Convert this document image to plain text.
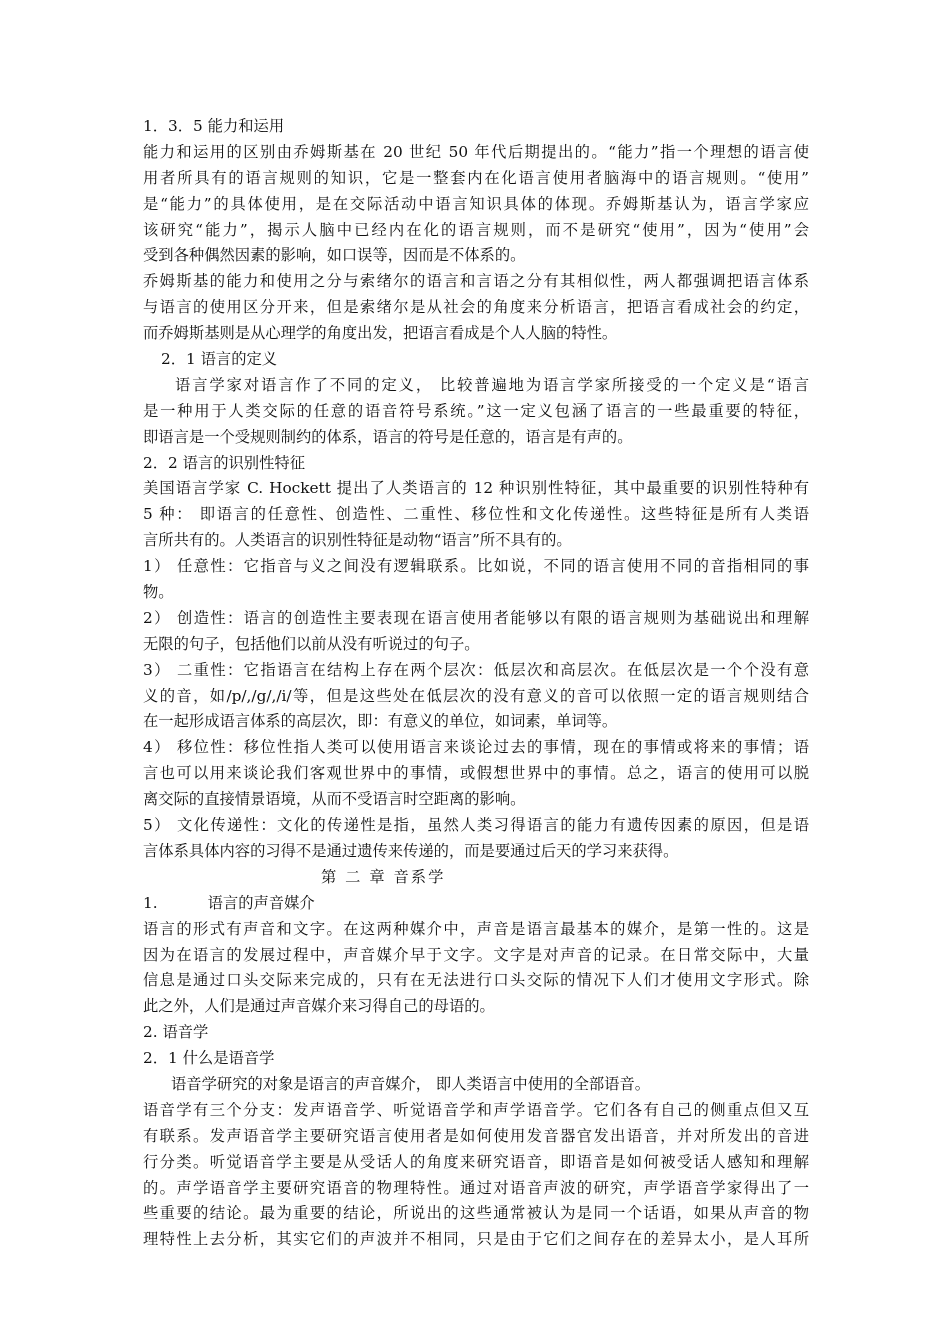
1．3．5 能力和运用
能力和运用的区别由乔姆斯基在 20 世纪 50 年代后期提出的。“能力”指一个理想的语言使
用者所具有的语言规则的知识，它是一整套内在化语言使用者脑海中的语言规则。“使用”
是“能力”的具体使用，是在交际活动中语言知识具体的体现。乔姆斯基认为，语言学家应
该研究“能力”，揭示人脑中已经内在化的语言规则，而不是研究“使用”，因为“使用”会
受到各种偶然因素的影响，如口误等，因而是不体系的。
乔姆斯基的能力和使用之分与索绪尔的语言和言语之分有其相似性，两人都强调把语言体系
与语言的使用区分开来，但是索绪尔是从社会的角度来分析语言，把语言看成社会的约定，
而乔姆斯基则是从心理学的角度出发，把语言看成是个人人脑的特性。
2．1 语言的定义
语言学家对语言作了不同的定义， 比较普遍地为语言学家所接受的一个定义是“语言
是一种用于人类交际的任意的语音符号系统。”这一定义包涵了语言的一些最重要的特征，
即语言是一个受规则制约的体系，语言的符号是任意的，语言是有声的。
2．2 语言的识别性特征
美国语言学家 C. Hockett 提出了人类语言的 12 种识别性特征，其中最重要的识别性特种有
5 种： 即语言的任意性、创造性、二重性、移位性和文化传递性。这些特征是所有人类语
言所共有的。人类语言的识别性特征是动物“语言”所不具有的。
1） 任意性：它指音与义之间没有逻辑联系。比如说，不同的语言使用不同的音指相同的事
物。
2） 创造性：语言的创造性主要表现在语言使用者能够以有限的语言规则为基础说出和理解
无限的句子，包括他们以前从没有听说过的句子。
3） 二重性：它指语言在结构上存在两个层次：低层次和高层次。在低层次是一个个没有意
义的音，如/p/,/g/,/i/等，但是这些处在低层次的没有意义的音可以依照一定的语言规则结合
在一起形成语言体系的高层次，即：有意义的单位，如词素，单词等。
4） 移位性：移位性指人类可以使用语言来谈论过去的事情，现在的事情或将来的事情；语
言也可以用来谈论我们客观世界中的事情，或假想世界中的事情。总之，语言的使用可以脱
离交际的直接情景语境，从而不受语言时空距离的影响。
5） 文化传递性：文化的传递性是指，虽然人类习得语言的能力有遗传因素的原因，但是语
言体系具体内容的习得不是通过遗传来传递的，而是要通过后天的学习来获得。
第 二 章 音系学
1.	语言的声音媒介
语言的形式有声音和文字。在这两种媒介中，声音是语言最基本的媒介，是第一性的。这是
因为在语言的发展过程中，声音媒介早于文字。文字是对声音的记录。在日常交际中，大量
信息是通过口头交际来完成的，只有在无法进行口头交际的情况下人们才使用文字形式。除
此之外，人们是通过声音媒介来习得自己的母语的。
2. 语音学
2．1 什么是语音学
语音学研究的对象是语言的声音媒介， 即人类语言中使用的全部语音。
语音学有三个分支：发声语音学、听觉语音学和声学语音学。它们各有自己的侧重点但又互
有联系。发声语音学主要研究语言使用者是如何使用发音器官发出语音，并对所发出的音进
行分类。听觉语音学主要是从受话人的角度来研究语音，即语音是如何被受话人感知和理解
的。声学语音学主要研究语音的物理特性。通过对语音声波的研究，声学语音学家得出了一
些重要的结论。最为重要的结论，所说出的这些通常被认为是同一个话语，如果从声音的物
理特性上去分析，其实它们的声波并不相同，只是由于它们之间存在的差异太小，是人耳所
